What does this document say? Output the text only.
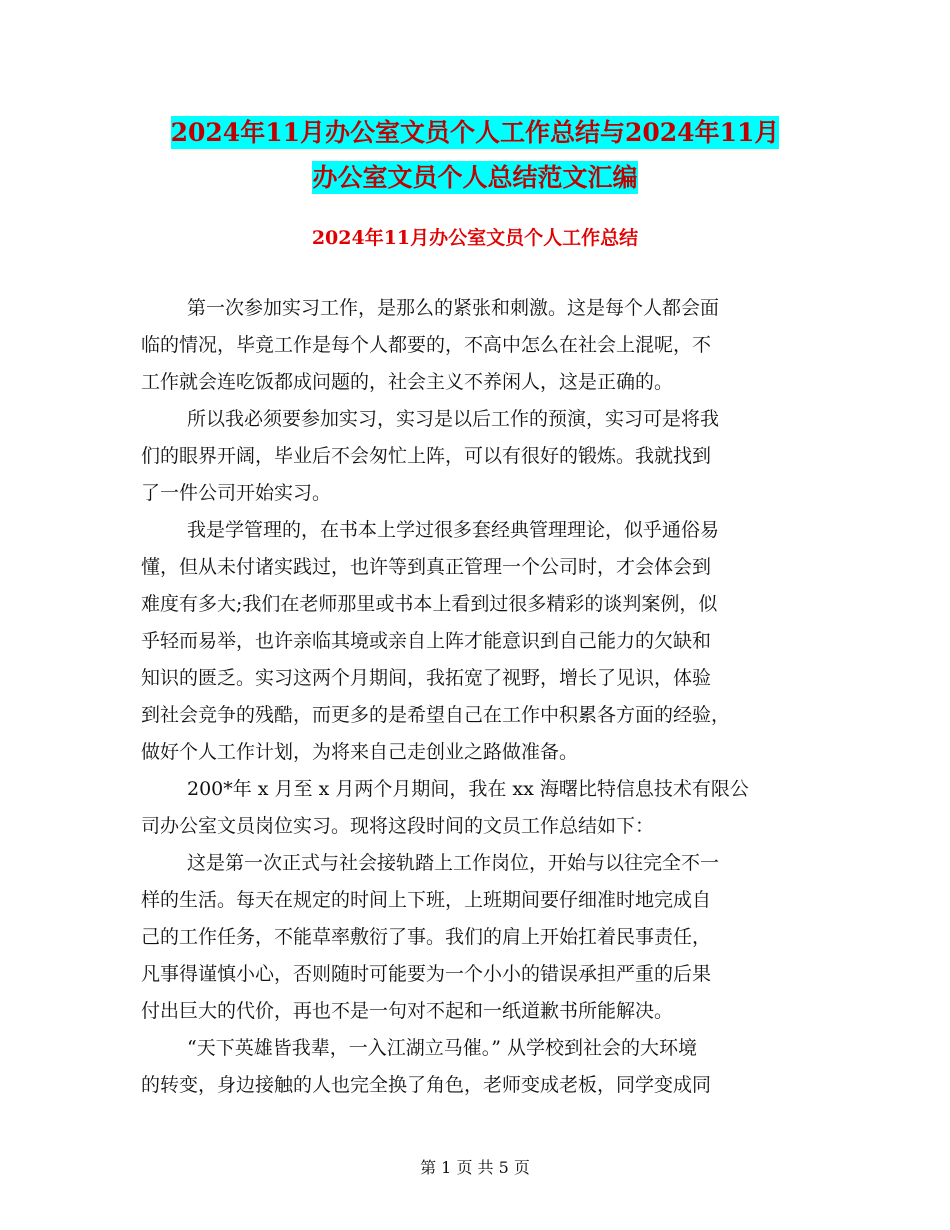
2024年11月办公室文员个人工作总结与2024年11月
办公室文员个人总结范文汇编
2024年11月办公室文员个人工作总结

第一次参加实习工作，是那么的紧张和刺激。这是每个人都会面
临的情况，毕竟工作是每个人都要的，不高中怎么在社会上混呢，不
工作就会连吃饭都成问题的，社会主义不养闲人，这是正确的。

所以我必须要参加实习，实习是以后工作的预演，实习可是将我
们的眼界开阔，毕业后不会匆忙上阵，可以有很好的锻炼。我就找到
了一件公司开始实习。

我是学管理的，在书本上学过很多套经典管理理论，似乎通俗易
懂，但从未付诸实践过，也许等到真正管理一个公司时，才会体会到
难度有多大;我们在老师那里或书本上看到过很多精彩的谈判案例，似
乎轻而易举，也许亲临其境或亲自上阵才能意识到自己能力的欠缺和
知识的匮乏。实习这两个月期间，我拓宽了视野，增长了见识，体验
到社会竞争的残酷，而更多的是希望自己在工作中积累各方面的经验，
做好个人工作计划，为将来自己走创业之路做准备。

200*年 x 月至 x 月两个月期间，我在 xx 海曙比特信息技术有限公
司办公室文员岗位实习。现将这段时间的文员工作总结如下：

这是第一次正式与社会接轨踏上工作岗位，开始与以往完全不一
样的生活。每天在规定的时间上下班，上班期间要仔细准时地完成自
己的工作任务，不能草率敷衍了事。我们的肩上开始扛着民事责任，
凡事得谨慎小心，否则随时可能要为一个小小的错误承担严重的后果
付出巨大的代价，再也不是一句对不起和一纸道歉书所能解决。

“天下英雄皆我辈，一入江湖立马催。” 从学校到社会的大环境
的转变，身边接触的人也完全换了角色，老师变成老板，同学变成同

第 1 页 共 5 页
